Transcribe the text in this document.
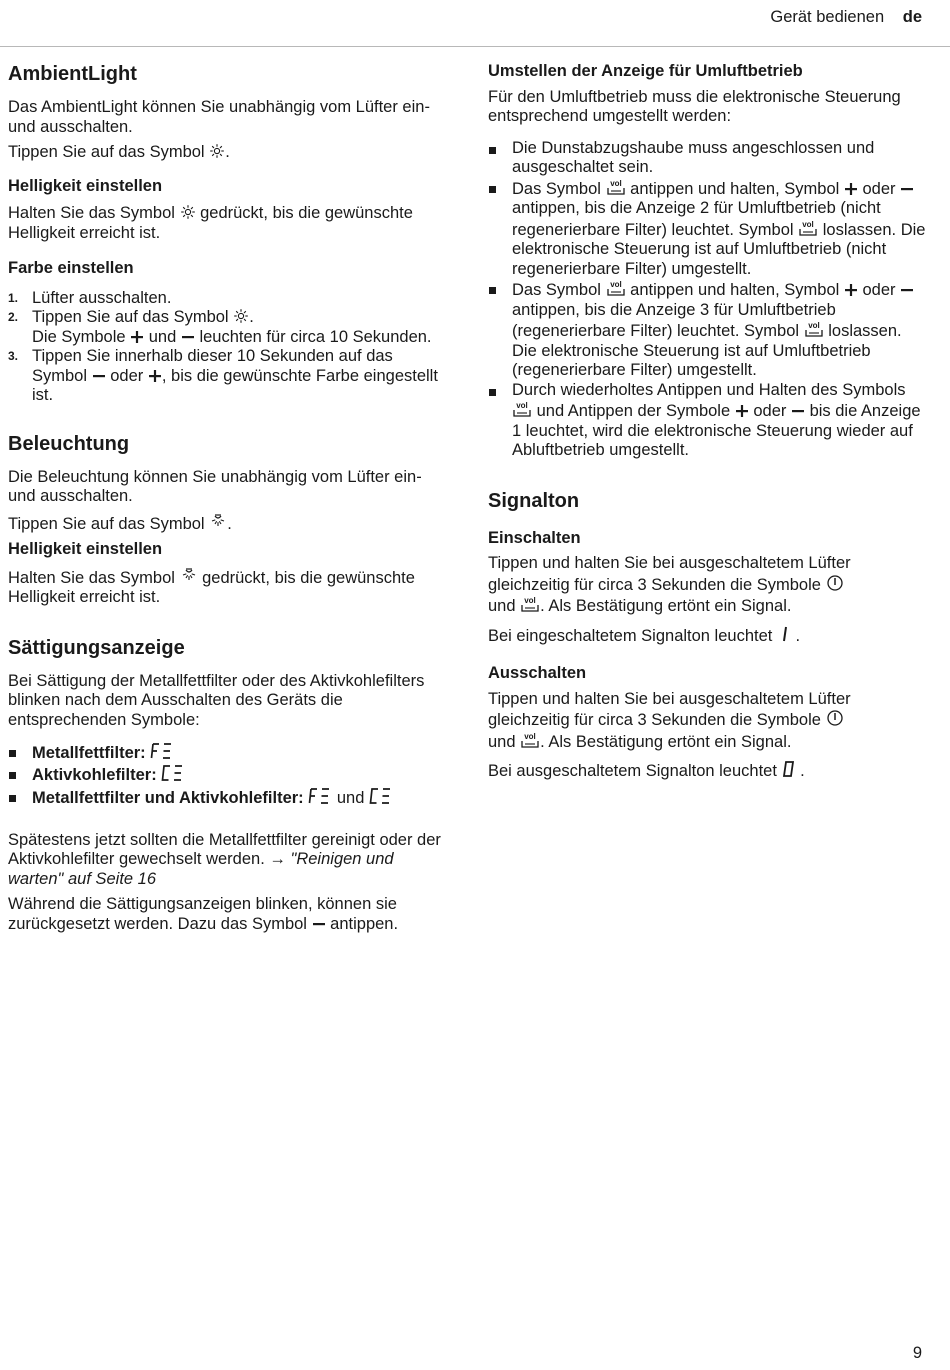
Gerät bedienen de
AmbientLight

Das AmbientLight können Sie unabhängig vom Lüfter ein- und ausschalten.

Tippen Sie auf das Symbol .

Helligkeit einstellen

Halten Sie das Symbol gedrückt, bis die gewünschte Helligkeit erreicht ist.

Farbe einstellen
1. Lüfter ausschalten.
2. Tippen Sie auf das Symbol .
Die Symbole und leuchten für circa 10 Sekunden.
3. Tippen Sie innerhalb dieser 10 Sekunden auf das Symbol oder , bis die gewünschte Farbe eingestellt ist.
Beleuchtung

Die Beleuchtung können Sie unabhängig vom Lüfter ein- und ausschalten.

Tippen Sie auf das Symbol .

Helligkeit einstellen

Halten Sie das Symbol gedrückt, bis die gewünschte Helligkeit erreicht ist.

Sättigungsanzeige

Bei Sättigung der Metallfettfilter oder des Aktivkohlefilters blinken nach dem Ausschalten des Geräts die entsprechenden Symbole:

Metallfettfilter:
Aktivkohlefilter:
Metallfettfilter und Aktivkohlefilter: und

Spätestens jetzt sollten die Metallfettfilter gereinigt oder der Aktivkohlefilter gewechselt werden. → "Reinigen und warten" auf Seite 16

Während die Sättigungsanzeigen blinken, können sie zurückgesetzt werden. Dazu das Symbol antippen.

Umstellen der Anzeige für Umluftbetrieb

Für den Umluftbetrieb muss die elektronische Steuerung entsprechend umgestellt werden:

Die Dunstabzugshaube muss angeschlossen und ausgeschaltet sein.
Das Symbol vol antippen und halten, Symbol oder  antippen, bis die Anzeige 2 für Umluftbetrieb (nicht regenerierbare Filter) leuchtet. Symbol vol loslassen. Die elektronische Steuerung ist auf Umluftbetrieb (nicht regenerierbare Filter) umgestellt.
Das Symbol vol antippen und halten, Symbol oder  antippen, bis die Anzeige 3 für Umluftbetrieb (regenerierbare Filter) leuchtet. Symbol vol loslassen. Die elektronische Steuerung ist auf Umluftbetrieb (regenerierbare Filter) umgestellt.
Durch wiederholtes Antippen und Halten des Symbols
vol und Antippen der Symbole oder bis die Anzeige 1 leuchtet, wird die elektronische Steuerung wieder auf Abluftbetrieb umgestellt.
Signalton
Einschalten

Tippen und halten Sie bei ausgeschaltetem Lüfter gleichzeitig für circa 3 Sekunden die Symbole
und vol . Als Bestätigung ertönt ein Signal.

Bei eingeschaltetem Signalton leuchtet .

Ausschalten

Tippen und halten Sie bei ausgeschaltetem Lüfter gleichzeitig für circa 3 Sekunden die Symbole
und vol . Als Bestätigung ertönt ein Signal.

Bei ausgeschaltetem Signalton leuchtet .

9
